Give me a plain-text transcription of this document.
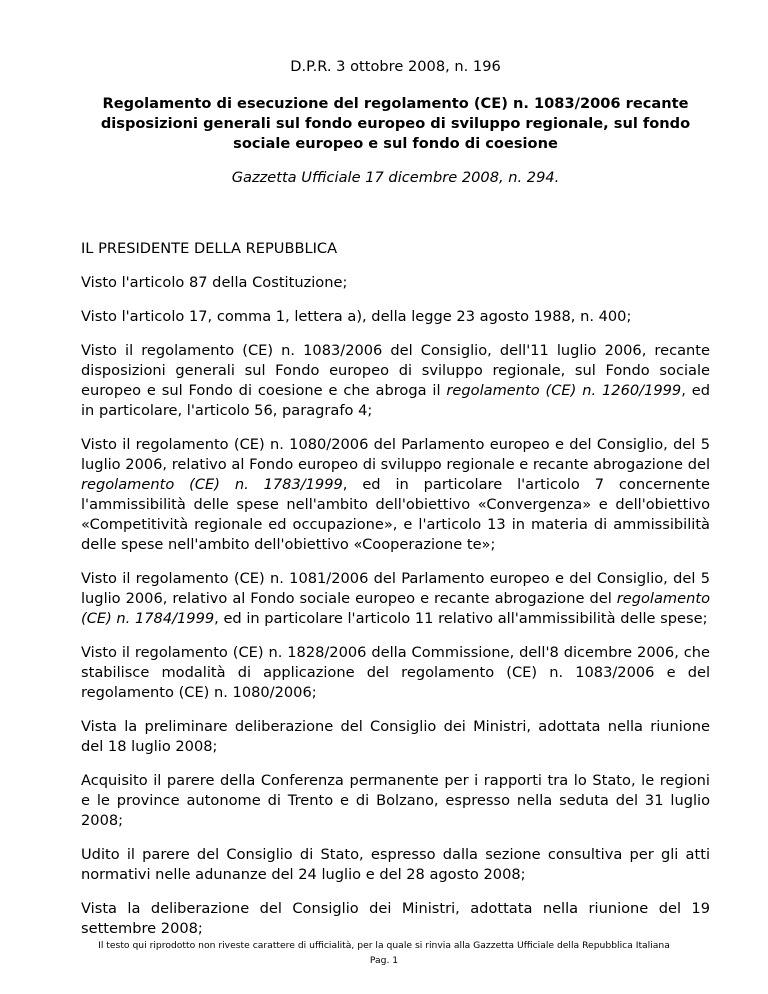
D.P.R. 3 ottobre 2008, n. 196
Regolamento di esecuzione del regolamento (CE) n. 1083/2006 recante disposizioni generali sul fondo europeo di sviluppo regionale, sul fondo sociale europeo e sul fondo di coesione
Gazzetta Ufficiale 17 dicembre 2008, n. 294.

IL PRESIDENTE DELLA REPUBBLICA

Visto l'articolo 87 della Costituzione;

Visto l'articolo 17, comma 1, lettera a), della legge 23 agosto 1988, n. 400;

Visto il regolamento (CE) n. 1083/2006 del Consiglio, dell'11 luglio 2006, recante disposizioni generali sul Fondo europeo di sviluppo regionale, sul Fondo sociale europeo e sul Fondo di coesione e che abroga il regolamento (CE) n. 1260/1999, ed in particolare, l'articolo 56, paragrafo 4;

Visto il regolamento (CE) n. 1080/2006 del Parlamento europeo e del Consiglio, del 5 luglio 2006, relativo al Fondo europeo di sviluppo regionale e recante abrogazione del regolamento (CE) n. 1783/1999, ed in particolare l'articolo 7 concernente l'ammissibilità delle spese nell'ambito dell'obiettivo «Convergenza» e dell'obiettivo «Competitività regionale ed occupazione», e l'articolo 13 in materia di ammissibilità delle spese nell'ambito dell'obiettivo «Cooperazione te»;

Visto il regolamento (CE) n. 1081/2006 del Parlamento europeo e del Consiglio, del 5 luglio 2006, relativo al Fondo sociale europeo e recante abrogazione del regolamento (CE) n. 1784/1999, ed in particolare l'articolo 11 relativo all'ammissibilità delle spese;

Visto il regolamento (CE) n. 1828/2006 della Commissione, dell'8 dicembre 2006, che stabilisce modalità di applicazione del regolamento (CE) n. 1083/2006 e del regolamento (CE) n. 1080/2006;

Vista la preliminare deliberazione del Consiglio dei Ministri, adottata nella riunione del 18 luglio 2008;

Acquisito il parere della Conferenza permanente per i rapporti tra lo Stato, le regioni e le province autonome di Trento e di Bolzano, espresso nella seduta del 31 luglio 2008;

Udito il parere del Consiglio di Stato, espresso dalla sezione consultiva per gli atti normativi nelle adunanze del 24 luglio e del 28 agosto 2008;

Vista la deliberazione del Consiglio dei Ministri, adottata nella riunione del 19 settembre 2008;

Il testo qui riprodotto non riveste carattere di ufficialità, per la quale si rinvia alla Gazzetta Ufficiale della Repubblica Italiana
Pag. 1
